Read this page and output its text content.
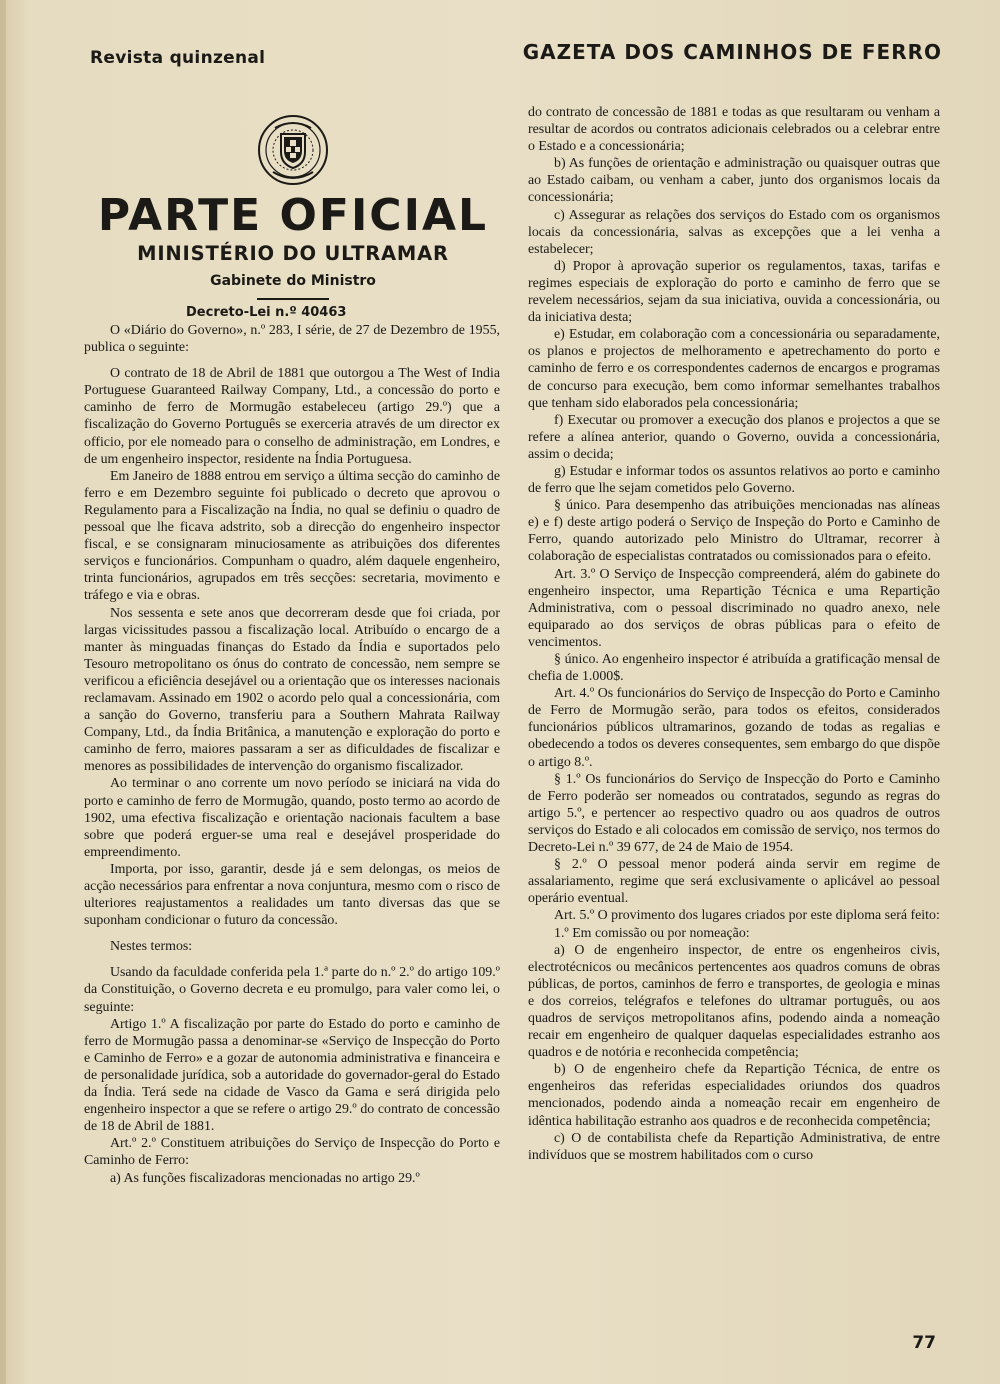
Revista quinzenal	GAZETA DOS CAMINHOS DE FERRO
PARTE OFICIAL
MINISTÉRIO DO ULTRAMAR
Gabinete do Ministro
Decreto-Lei n.º 40463

O «Diário do Governo», n.º 283, I série, de 27 de Dezembro de 1955, publica o seguinte:

O contrato de 18 de Abril de 1881 que outorgou a The West of India Portuguese Guaranteed Railway Company, Ltd., a concessão do porto e caminho de ferro de Mormugão estabeleceu (artigo 29.º) que a fiscalização do Governo Português se exerceria através de um director ex officio, por ele nomeado para o conselho de administração, em Londres, e de um engenheiro inspector, residente na Índia Portuguesa.

Em Janeiro de 1888 entrou em serviço a última secção do caminho de ferro e em Dezembro seguinte foi publicado o decreto que aprovou o Regulamento para a Fiscalização na Índia, no qual se definiu o quadro de pessoal que lhe ficava adstrito, sob a direcção do engenheiro inspector fiscal, e se consignaram minuciosamente as atribuições dos diferentes serviços e funcionários. Compunham o quadro, além daquele engenheiro, trinta funcionários, agrupados em três secções: secretaria, movimento e tráfego e via e obras.

Nos sessenta e sete anos que decorreram desde que foi criada, por largas vicissitudes passou a fiscalização local. Atribuído o encargo de a manter às minguadas finanças do Estado da Índia e suportados pelo Tesouro metropolitano os ónus do contrato de concessão, nem sempre se verificou a eficiência desejável ou a orientação que os interesses nacionais reclamavam. Assinado em 1902 o acordo pelo qual a concessionária, com a sanção do Governo, transferiu para a Southern Mahrata Railway Company, Ltd., da Índia Britânica, a manutenção e exploração do porto e caminho de ferro, maiores passaram a ser as dificuldades de fiscalizar e menores as possibilidades de intervenção do organismo fiscalizador.

Ao terminar o ano corrente um novo período se iniciará na vida do porto e caminho de ferro de Mormugão, quando, posto termo ao acordo de 1902, uma efectiva fiscalização e orientação nacionais facultem a base sobre que poderá erguer-se uma real e desejável prosperidade do empreendimento.

Importa, por isso, garantir, desde já e sem delongas, os meios de acção necessários para enfrentar a nova conjuntura, mesmo com o risco de ulteriores reajustamentos a realidades um tanto diversas das que se suponham condicionar o futuro da concessão.

Nestes termos:

Usando da faculdade conferida pela 1.ª parte do n.º 2.º do artigo 109.º da Constituição, o Governo decreta e eu promulgo, para valer como lei, o seguinte:

Artigo 1.º A fiscalização por parte do Estado do porto e caminho de ferro de Mormugão passa a denominar-se «Serviço de Inspecção do Porto e Caminho de Ferro» e a gozar de autonomia administrativa e financeira e de personalidade jurídica, sob a autoridade do governador-geral do Estado da Índia. Terá sede na cidade de Vasco da Gama e será dirigida pelo engenheiro inspector a que se refere o artigo 29.º do contrato de concessão de 18 de Abril de 1881.

Art.º 2.º Constituem atribuições do Serviço de Inspecção do Porto e Caminho de Ferro:

a) As funções fiscalizadoras mencionadas no artigo 29.º

do contrato de concessão de 1881 e todas as que resultaram ou venham a resultar de acordos ou contratos adicionais celebrados ou a celebrar entre o Estado e a concessionária;

b) As funções de orientação e administração ou quaisquer outras que ao Estado caibam, ou venham a caber, junto dos organismos locais da concessionária;

c) Assegurar as relações dos serviços do Estado com os organismos locais da concessionária, salvas as excepções que a lei venha a estabelecer;

d) Propor à aprovação superior os regulamentos, taxas, tarifas e regimes especiais de exploração do porto e caminho de ferro que se revelem necessários, sejam da sua iniciativa, ouvida a concessionária, ou da iniciativa desta;

e) Estudar, em colaboração com a concessionária ou separadamente, os planos e projectos de melhoramento e apetrechamento do porto e caminho de ferro e os correspondentes cadernos de encargos e programas de concurso para execução, bem como informar semelhantes trabalhos que tenham sido elaborados pela concessionária;

f) Executar ou promover a execução dos planos e projectos a que se refere a alínea anterior, quando o Governo, ouvida a concessionária, assim o decida;

g) Estudar e informar todos os assuntos relativos ao porto e caminho de ferro que lhe sejam cometidos pelo Governo.

§ único. Para desempenho das atribuições mencionadas nas alíneas e) e f) deste artigo poderá o Serviço de Inspeção do Porto e Caminho de Ferro, quando autorizado pelo Ministro do Ultramar, recorrer à colaboração de especialistas contratados ou comissionados para o efeito.

Art. 3.º O Serviço de Inspecção compreenderá, além do gabinete do engenheiro inspector, uma Repartição Técnica e uma Repartição Administrativa, com o pessoal discriminado no quadro anexo, nele equiparado ao dos serviços de obras públicas para o efeito de vencimentos.

§ único. Ao engenheiro inspector é atribuída a gratificação mensal de chefia de 1.000$.

Art. 4.º Os funcionários do Serviço de Inspecção do Porto e Caminho de Ferro de Mormugão serão, para todos os efeitos, considerados funcionários públicos ultramarinos, gozando de todas as regalias e obedecendo a todos os deveres consequentes, sem embargo do que dispõe o artigo 8.º.

§ 1.º Os funcionários do Serviço de Inspecção do Porto e Caminho de Ferro poderão ser nomeados ou contratados, segundo as regras do artigo 5.º, e pertencer ao respectivo quadro ou aos quadros de outros serviços do Estado e ali colocados em comissão de serviço, nos termos do Decreto-Lei n.º 39 677, de 24 de Maio de 1954.

§ 2.º O pessoal menor poderá ainda servir em regime de assalariamento, regime que será exclusivamente o aplicável ao pessoal operário eventual.

Art. 5.º O provimento dos lugares criados por este diploma será feito:

1.º Em comissão ou por nomeação:

a) O de engenheiro inspector, de entre os engenheiros civis, electrotécnicos ou mecânicos pertencentes aos quadros comuns de obras públicas, de portos, caminhos de ferro e transportes, de geologia e minas e dos correios, telégrafos e telefones do ultramar português, ou aos quadros de serviços metropolitanos afins, podendo ainda a nomeação recair em engenheiro de qualquer daquelas especialidades estranho aos quadros e de notória e reconhecida competência;

b) O de engenheiro chefe da Repartição Técnica, de entre os engenheiros das referidas especialidades oriundos dos quadros mencionados, podendo ainda a nomeação recair em engenheiro de idêntica habilitação estranho aos quadros e de reconhecida competência;

c) O de contabilista chefe da Repartição Administrativa, de entre indivíduos que se mostrem habilitados com o curso

77
